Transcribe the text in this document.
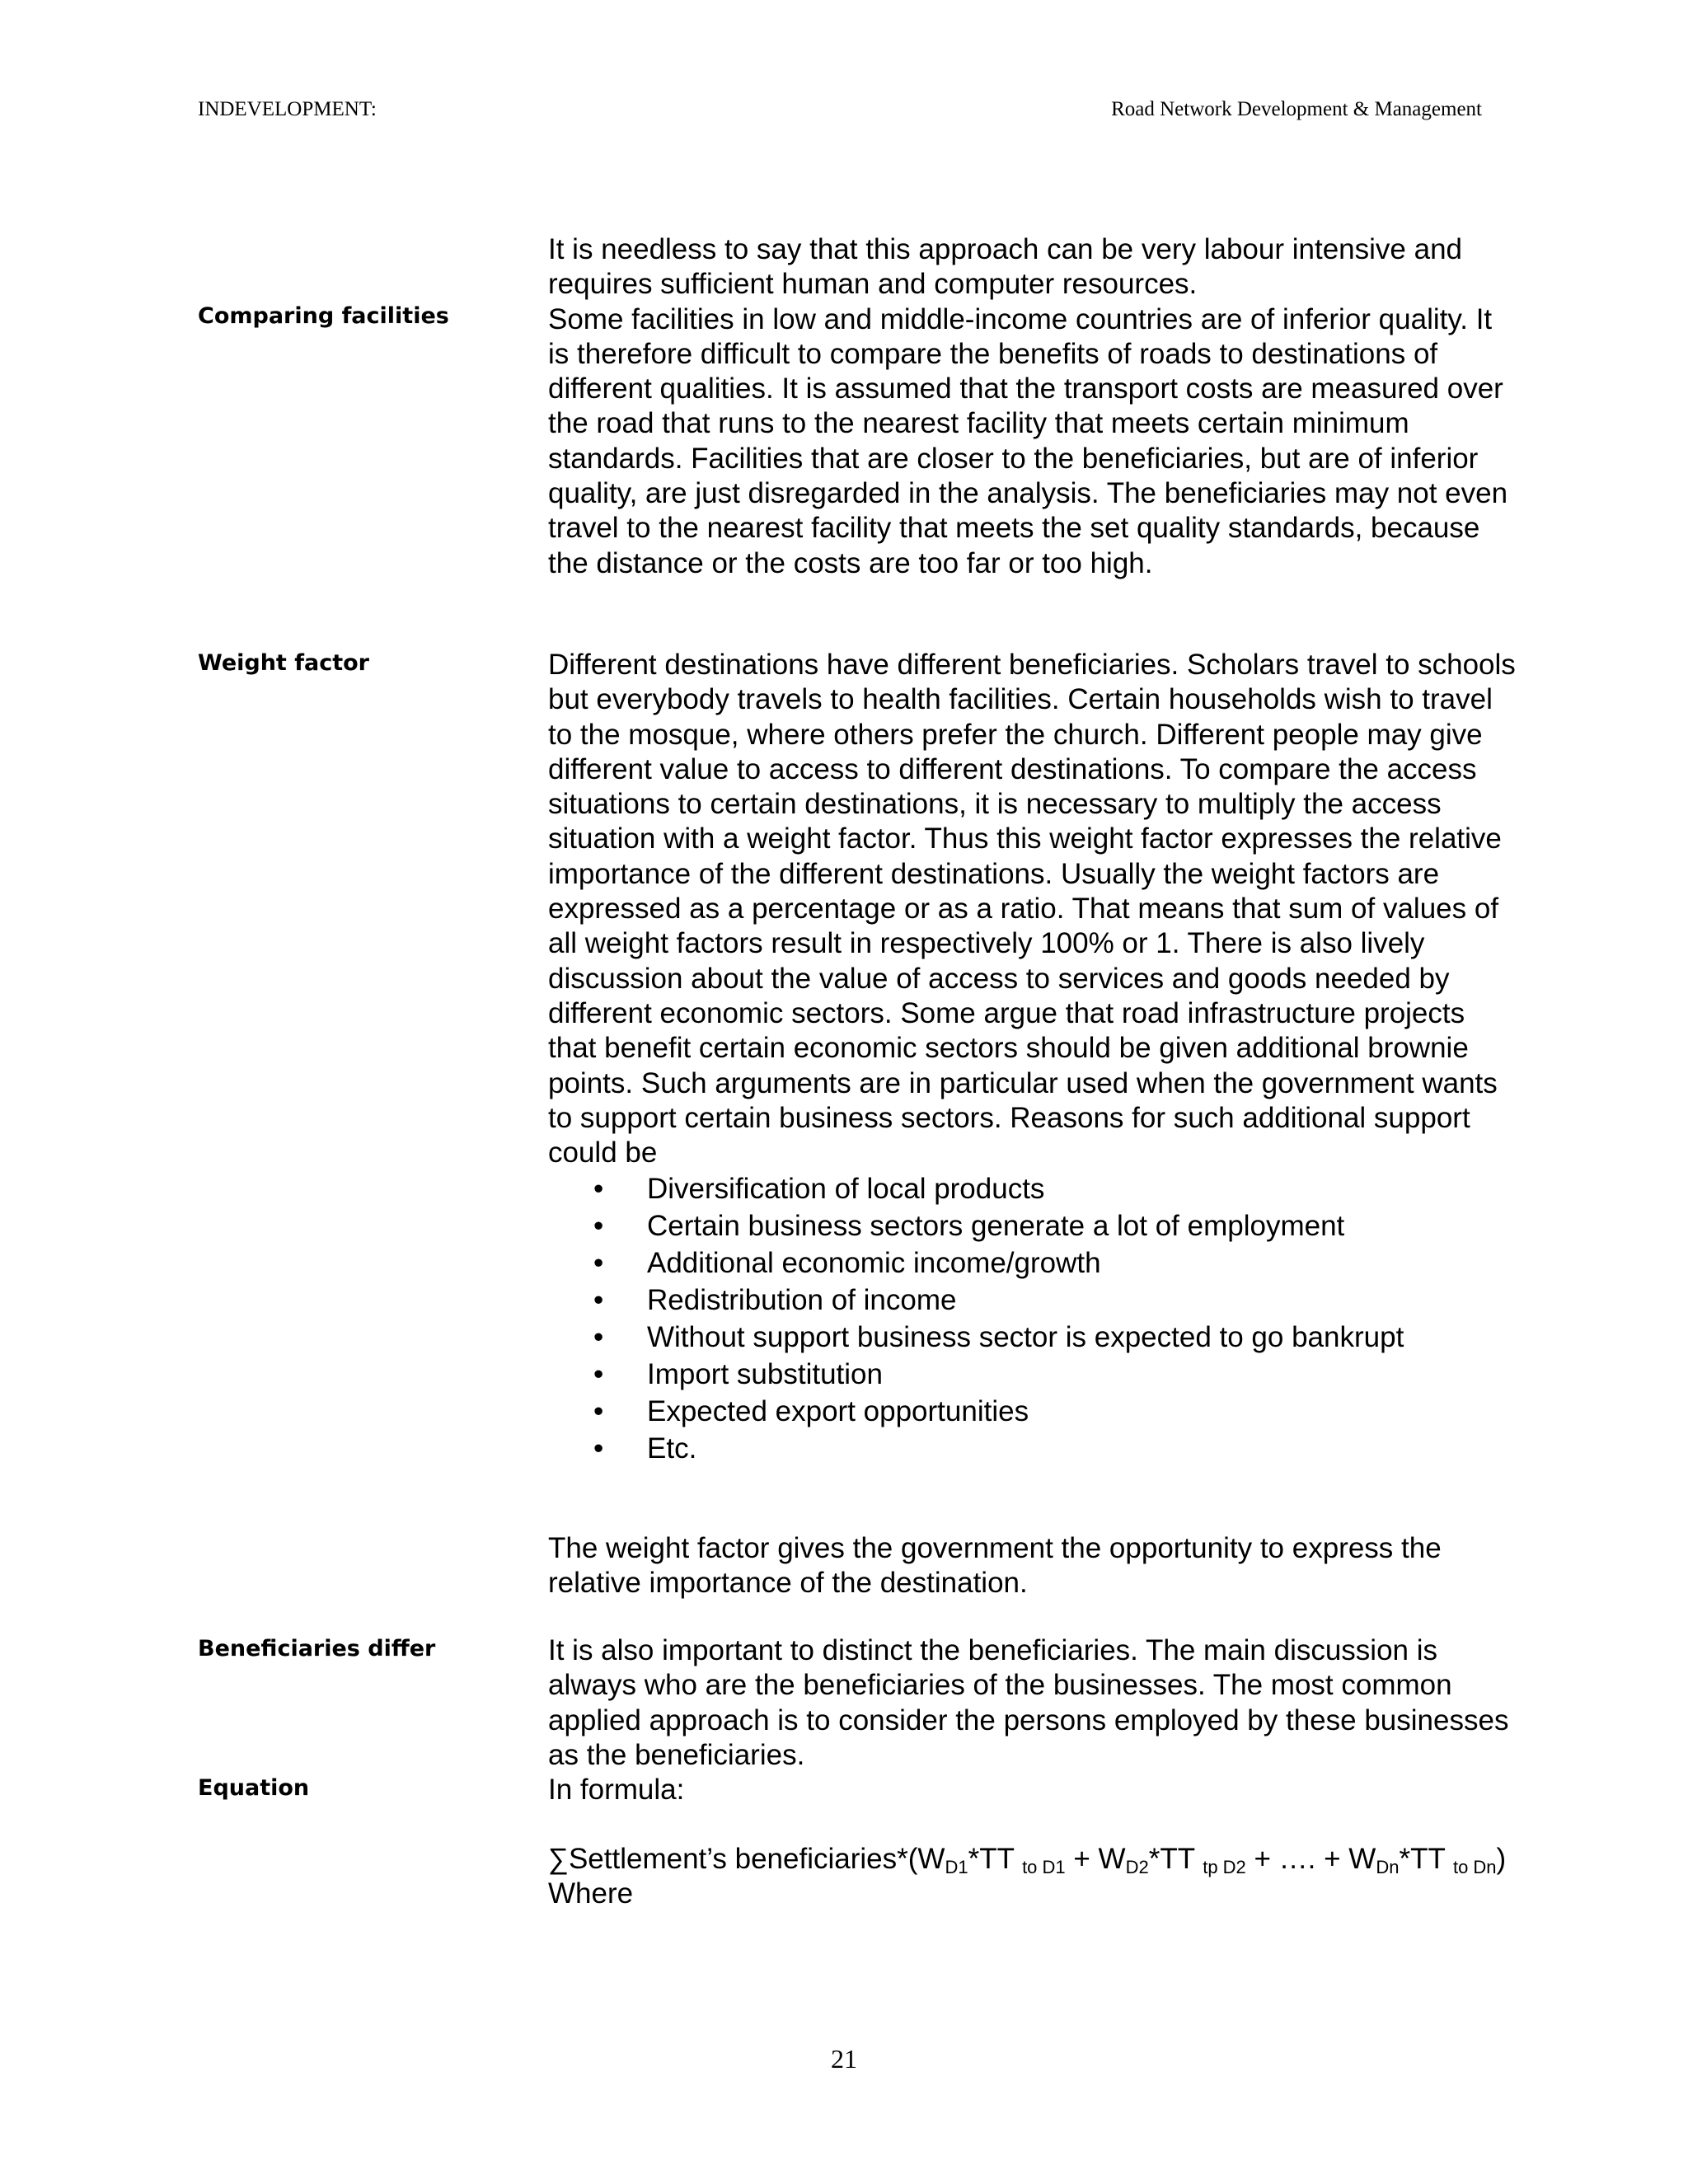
INDEVELOPMENT:	Road Network Development & Management
Comparing facilities
Weight factor
Beneficiaries differ
Equation

It is needless to say that this approach can be very labour intensive and requires sufficient human and computer resources.

Some facilities in low and middle-income countries are of inferior quality. It is therefore difficult to compare the benefits of roads to destinations of different qualities. It is assumed that the transport costs are measured over the road that runs to the nearest facility that meets certain minimum standards. Facilities that are closer to the beneficiaries, but are of inferior quality, are just disregarded in the analysis. The beneficiaries may not even travel to the nearest facility that meets the set quality standards, because the distance or the costs are too far or too high.

Different destinations have different beneficiaries. Scholars travel to schools but everybody travels to health facilities. Certain households wish to travel to the mosque, where others prefer the church. Different people may give different value to access to different destinations. To compare the access situations to certain destinations, it is necessary to multiply the access situation with a weight factor. Thus this weight factor expresses the relative importance of the different destinations. Usually the weight factors are expressed as a percentage or as a ratio. That means that sum of values of all weight factors result in respectively 100% or 1. There is also lively discussion about the value of access to services and goods needed by different economic sectors. Some argue that road infrastructure projects that benefit certain economic sectors should be given additional brownie points. Such arguments are in particular used when the government wants to support certain business sectors. Reasons for such additional support could be

• Diversification of local products
• Certain business sectors generate a lot of employment
• Additional economic income/growth
• Redistribution of income
• Without support business sector is expected to go bankrupt
• Import substitution
• Expected export opportunities
• Etc.

The weight factor gives the government the opportunity to express the relative importance of the destination.

It is also important to distinct the beneficiaries. The main discussion is always who are the beneficiaries of the businesses. The most common applied approach is to consider the persons employed by these businesses as the beneficiaries.

In formula:

∑Settlement’s $beneficiaries*(W_{D1}*TT$ $_{to D1} + W_{D2}*TT$ $_{tp D2}$ + …. + $W_{Dn}*TT$ $_{to Dn}$)

Where

21
